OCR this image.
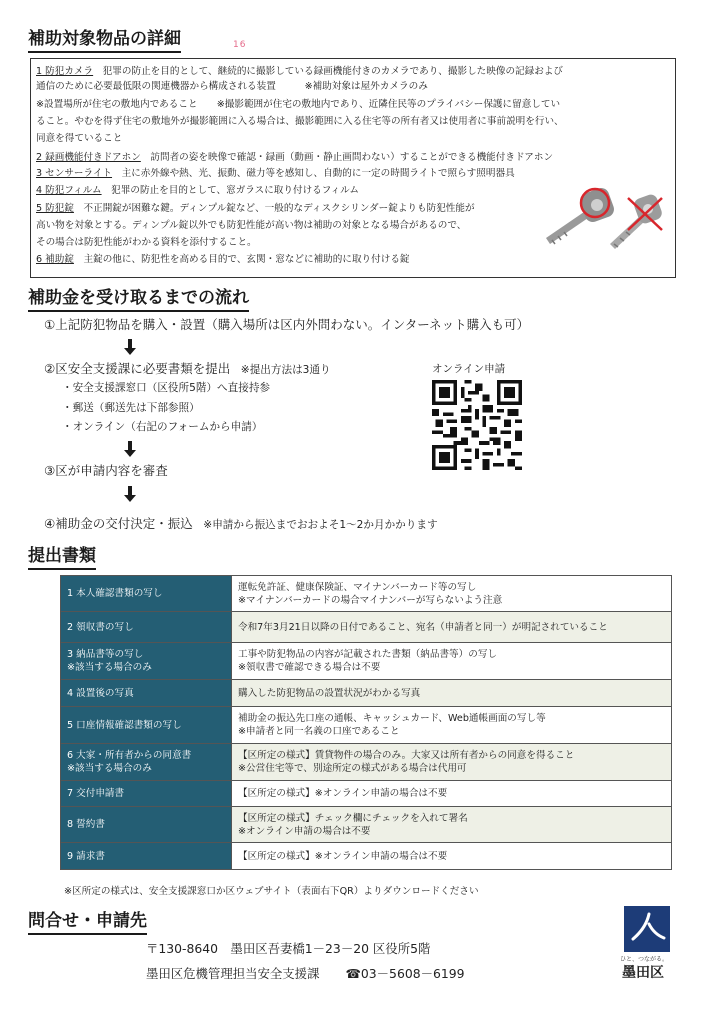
補助対象物品の詳細	16
1 防犯カメラ　犯罪の防止を目的として、継続的に撮影している録画機能付きのカメラであり、撮影した映像の記録および
通信のために必要最低限の関連機器から構成される装置　　　※補助対象は屋外カメラのみ
※設置場所が住宅の敷地内であること　　※撮影範囲が住宅の敷地内であり、近隣住民等のプライバシー保護に留意してい
ること。やむを得ず住宅の敷地外が撮影範囲に入る場合は、撮影範囲に入る住宅等の所有者又は使用者に事前説明を行い、
同意を得ていること
2 録画機能付きドアホン　訪問者の姿を映像で確認・録画（動画・静止画問わない）することができる機能付きドアホン
3 センサーライト　主に赤外線や熱、光、振動、磁力等を感知し、自動的に一定の時間ライトで照らす照明器具
4 防犯フィルム　犯罪の防止を目的として、窓ガラスに取り付けるフィルム
5 防犯錠　不正開錠が困難な鍵。ディンプル錠など、一般的なディスクシリンダー錠よりも防犯性能が
高い物を対象とする。ディンプル錠以外でも防犯性能が高い物は補助の対象となる場合があるので、
その場合は防犯性能がわかる資料を添付すること。
6 補助錠　主錠の他に、防犯性を高める目的で、玄関・窓などに補助的に取り付ける錠
補助金を受け取るまでの流れ
①上記防犯物品を購入・設置（購入場所は区内外問わない。インターネット購入も可）
②区安全支援課に必要書類を提出　※提出方法は3通り
・安全支援課窓口（区役所5階）へ直接持参
・郵送（郵送先は下部参照）
・オンライン（右記のフォームから申請）
③区が申請内容を審査
④補助金の交付決定・振込　※申請から振込までおおよそ1〜2か月かかります
オンライン申請
提出書類
1 本人確認書類の写し	運転免許証、健康保険証、マイナンバーカード等の写し
※マイナンバーカードの場合マイナンバーが写らないよう注意

2 領収書の写し	令和7年3月21日以降の日付であること、宛名（申請者と同一）が明記されていること

3 納品書等の写し
※該当する場合のみ	工事や防犯物品の内容が記載された書類（納品書等）の写し
※領収書で確認できる場合は不要

4 設置後の写真	購入した防犯物品の設置状況がわかる写真

5 口座情報確認書類の写し	補助金の振込先口座の通帳、キャッシュカード、Web通帳画面の写し等
※申請者と同一名義の口座であること

6 大家・所有者からの同意書
※該当する場合のみ	【区所定の様式】賃貸物件の場合のみ。大家又は所有者からの同意を得ること
※公営住宅等で、別途所定の様式がある場合は代用可

7 交付申請書	【区所定の様式】※オンライン申請の場合は不要

8 誓約書	【区所定の様式】チェック欄にチェックを入れて署名
※オンライン申請の場合は不要

9 請求書	【区所定の様式】※オンライン申請の場合は不要
※区所定の様式は、安全支援課窓口か区ウェブサイト（表面右下QR）よりダウンロードください
問合せ・申請先
〒130-8640　墨田区吾妻橋1－23－20 区役所5階
墨田区危機管理担当安全支援課 ☎03－5608－6199
ひと、つながる。
墨田区
